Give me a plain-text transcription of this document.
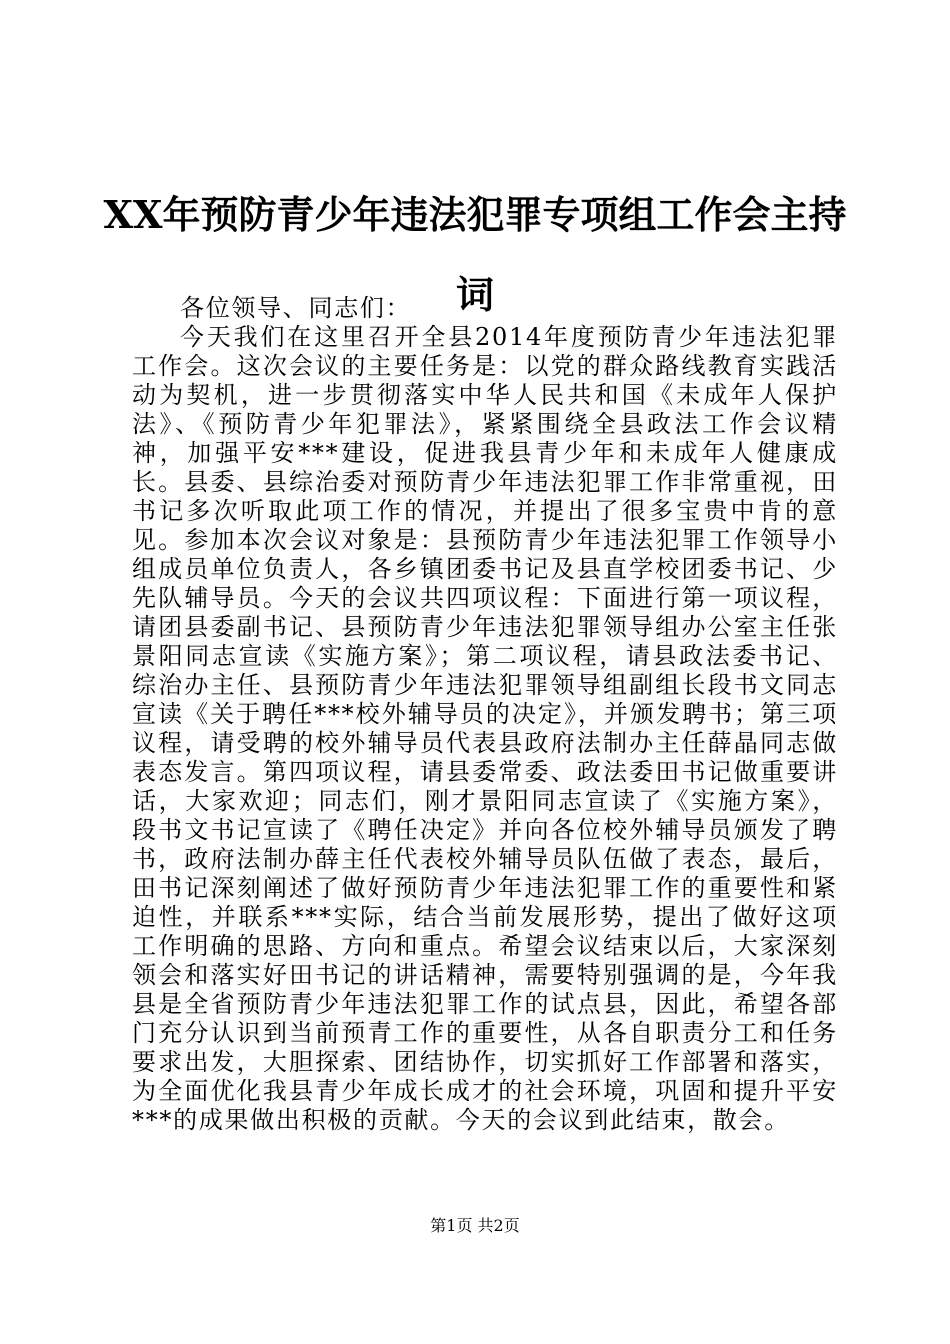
XX年预防青少年违法犯罪专项组工作会主持词

各位领导、同志们：

今天我们在这里召开全县2014年度预防青少年违法犯罪工作会。这次会议的主要任务是：以党的群众路线教育实践活动为契机，进一步贯彻落实中华人民共和国《未成年人保护法》、《预防青少年犯罪法》，紧紧围绕全县政法工作会议精神，加强平安***建设，促进我县青少年和未成年人健康成长。县委、县综治委对预防青少年违法犯罪工作非常重视，田书记多次听取此项工作的情况，并提出了很多宝贵中肯的意见。参加本次会议对象是：县预防青少年违法犯罪工作领导小组成员单位负责人，各乡镇团委书记及县直学校团委书记、少先队辅导员。今天的会议共四项议程：下面进行第一项议程，请团县委副书记、县预防青少年违法犯罪领导组办公室主任张景阳同志宣读《实施方案》；第二项议程，请县政法委书记、综治办主任、县预防青少年违法犯罪领导组副组长段书文同志宣读《关于聘任***校外辅导员的决定》，并颁发聘书；第三项议程，请受聘的校外辅导员代表县政府法制办主任薛晶同志做表态发言。第四项议程，请县委常委、政法委田书记做重要讲话，大家欢迎；同志们，刚才景阳同志宣读了《实施方案》，段书文书记宣读了《聘任决定》并向各位校外辅导员颁发了聘书，政府法制办薛主任代表校外辅导员队伍做了表态，最后，田书记深刻阐述了做好预防青少年违法犯罪工作的重要性和紧迫性，并联系***实际，结合当前发展形势，提出了做好这项工作明确的思路、方向和重点。希望会议结束以后，大家深刻领会和落实好田书记的讲话精神，需要特别强调的是，今年我县是全省预防青少年违法犯罪工作的试点县，因此，希望各部门充分认识到当前预青工作的重要性，从各自职责分工和任务要求出发，大胆探索、团结协作，切实抓好工作部署和落实，为全面优化我县青少年成长成才的社会环境，巩固和提升平安***的成果做出积极的贡献。今天的会议到此结束，散会。

第1页 共2页
